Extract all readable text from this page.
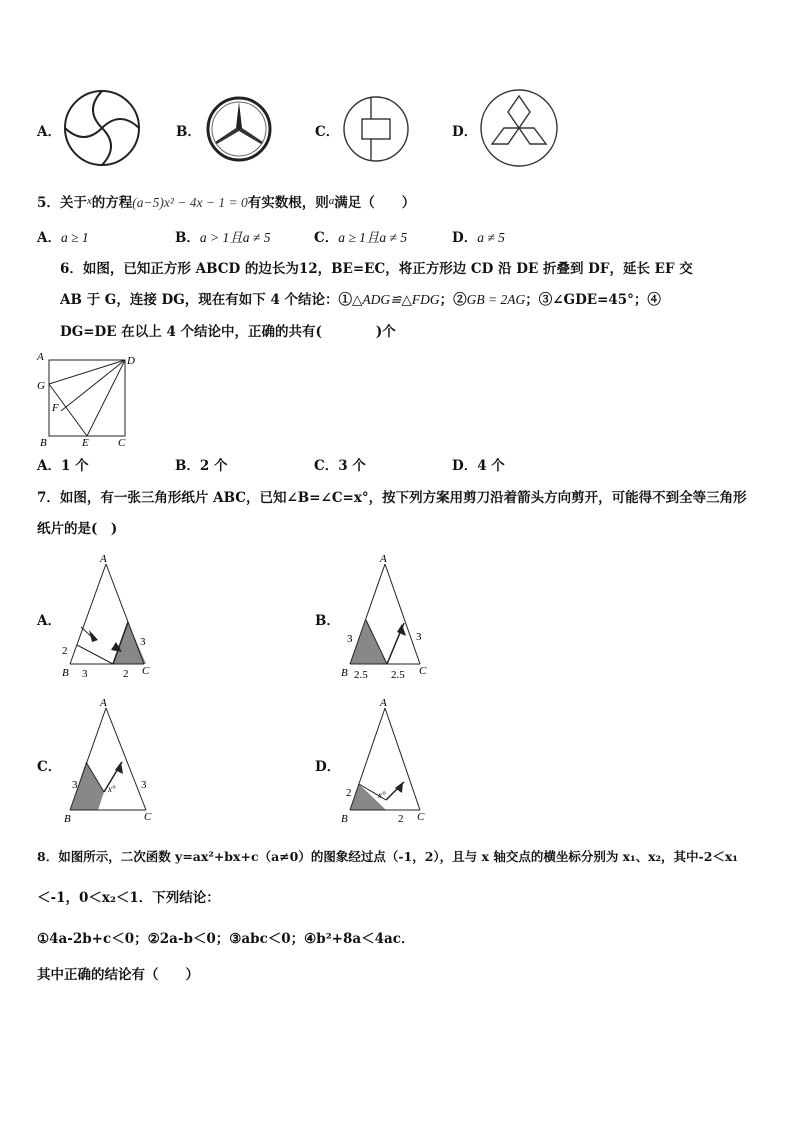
A．	B．	C．	D．
5．关于$^x$的方程(a−5)x² − 4x − 1 = 0有实数根，则$^a$满足（　　）
A．a ≥ 1	B．a > 1且a ≠ 5	C．a ≥ 1且a ≠ 5	D．a ≠ 5
6．如图，已知正方形 ABCD 的边长为12，BE=EC，将正方形边 CD 沿 DE 折叠到 DF，延长 EF 交
AB 于 G，连接 DG，现在有如下 4 个结论：①△ADG≌△FDG；②GB = 2AG；③∠GDE=45°；④
DG=DE 在以上 4 个结论中，正确的共有(　　　　)个
A	D
G
F
B	E	C
A．1 个	B．2 个	C．3 个	D．4 个
7．如图，有一张三角形纸片 ABC，已知∠B=∠C=x°，按下列方案用剪刀沿着箭头方向剪开，可能得不到全等三角形
纸片的是(　)
A．
A
B	C
2
3	2
3
B．
A
B	C
3
2.5 2.5
3
C．
A
B	C
3	x° 3
D．
A
B	C
2	x°
2
8．如图所示，二次函数 y=ax²+bx+c（a≠0）的图象经过点（-1，2），且与 x 轴交点的横坐标分别为 x₁、x₂，其中-2＜x₁
＜-1，0＜x₂＜1．下列结论：
①4a-2b+c＜0；②2a-b＜0；③abc＜0；④b²+8a＜4ac．
其中正确的结论有（　　）
